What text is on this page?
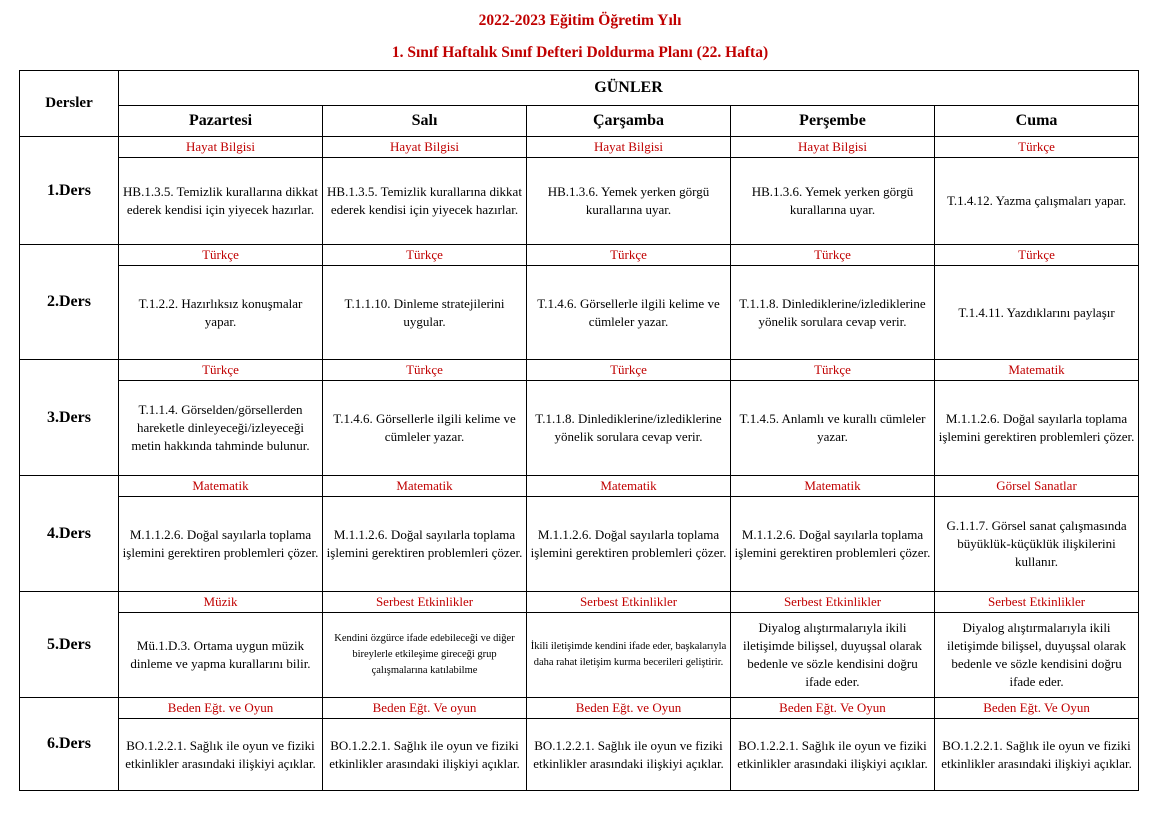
2022-2023 Eğitim Öğretim Yılı
1. Sınıf Haftalık Sınıf Defteri Doldurma Planı (22. Hafta)
Dersler	GÜNLER				
	Pazartesi	Salı	Çarşamba	Perşembe	Cuma
1.Ders	Hayat Bilgisi	Hayat Bilgisi	Hayat Bilgisi	Hayat Bilgisi	Türkçe
	HB.1.3.5. Temizlik kurallarına dikkat ederek kendisi için yiyecek hazırlar.	HB.1.3.5. Temizlik kurallarına dikkat ederek kendisi için yiyecek hazırlar.	HB.1.3.6. Yemek yerken görgü kurallarına uyar.	HB.1.3.6. Yemek yerken görgü kurallarına uyar.	T.1.4.12. Yazma çalışmaları yapar.
2.Ders	Türkçe	Türkçe	Türkçe	Türkçe	Türkçe
	T.1.2.2. Hazırlıksız konuşmalar yapar.	T.1.1.10. Dinleme stratejilerini uygular.	T.1.4.6. Görsellerle ilgili kelime ve cümleler yazar.	T.1.1.8. Dinlediklerine/izlediklerine yönelik sorulara cevap verir.	T.1.4.11. Yazdıklarını paylaşır
3.Ders	Türkçe	Türkçe	Türkçe	Türkçe	Matematik
	T.1.1.4. Görselden/görsellerden hareketle dinleyeceği/izleyeceği metin hakkında tahminde bulunur.	T.1.4.6. Görsellerle ilgili kelime ve cümleler yazar.	T.1.1.8. Dinlediklerine/izlediklerine yönelik sorulara cevap verir.	T.1.4.5. Anlamlı ve kurallı cümleler yazar.	M.1.1.2.6. Doğal sayılarla toplama işlemini gerektiren problemleri çözer.
4.Ders	Matematik	Matematik	Matematik	Matematik	Görsel Sanatlar
	M.1.1.2.6. Doğal sayılarla toplama işlemini gerektiren problemleri çözer.	M.1.1.2.6. Doğal sayılarla toplama işlemini gerektiren problemleri çözer.	M.1.1.2.6. Doğal sayılarla toplama işlemini gerektiren problemleri çözer.	M.1.1.2.6. Doğal sayılarla toplama işlemini gerektiren problemleri çözer.	G.1.1.7. Görsel sanat çalışmasında büyüklük-küçüklük ilişkilerini kullanır.
5.Ders	Müzik	Serbest Etkinlikler	Serbest Etkinlikler	Serbest Etkinlikler	Serbest Etkinlikler
	Mü.1.D.3. Ortama uygun müzik dinleme ve yapma kurallarını bilir.	Kendini özgürce ifade edebileceği ve diğer bireylerle etkileşime gireceği grup çalışmalarına katılabilme	İkili iletişimde kendini ifade eder, başkalarıyla daha rahat iletişim kurma becerileri geliştirir.	Diyalog alıştırmalarıyla ikili iletişimde bilişsel, duyuşsal olarak bedenle ve sözle kendisini doğru ifade eder.	Diyalog alıştırmalarıyla ikili iletişimde bilişsel, duyuşsal olarak bedenle ve sözle kendisini doğru ifade eder.
6.Ders	Beden Eğt. ve Oyun	Beden Eğt. Ve oyun	Beden Eğt. ve Oyun	Beden Eğt. Ve Oyun	Beden Eğt. Ve Oyun
	BO.1.2.2.1. Sağlık ile oyun ve fiziki etkinlikler arasındaki ilişkiyi açıklar.	BO.1.2.2.1. Sağlık ile oyun ve fiziki etkinlikler arasındaki ilişkiyi açıklar.	BO.1.2.2.1. Sağlık ile oyun ve fiziki etkinlikler arasındaki ilişkiyi açıklar.	BO.1.2.2.1. Sağlık ile oyun ve fiziki etkinlikler arasındaki ilişkiyi açıklar.	BO.1.2.2.1. Sağlık ile oyun ve fiziki etkinlikler arasındaki ilişkiyi açıklar.
